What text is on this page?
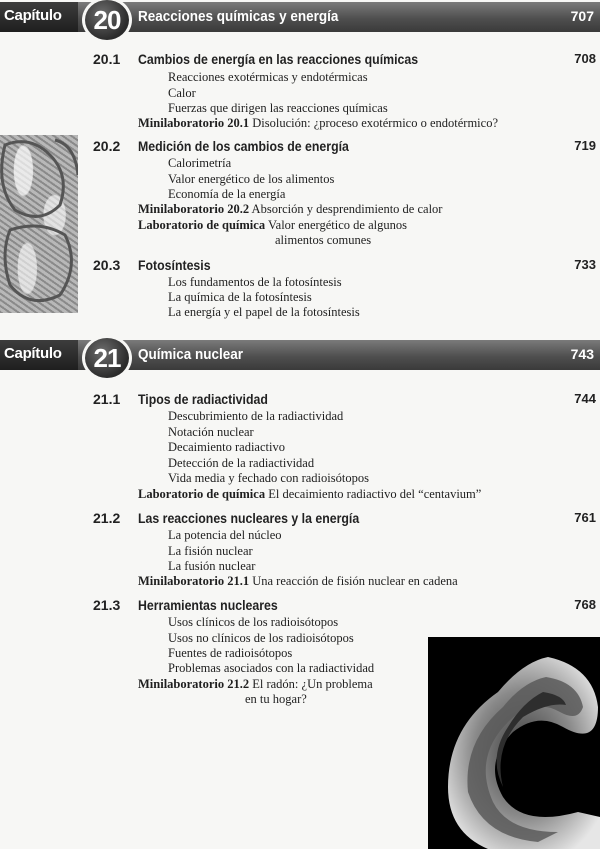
Capítulo	20	Reacciones químicas y energía	707
20.1 Cambios de energía en las reacciones químicas	708
Reacciones exotérmicas y endotérmicas
Calor
Fuerzas que dirigen las reacciones químicas
Minilaboratorio 20.1 Disolución: ¿proceso exotérmico o endotérmico?
20.2 Medición de los cambios de energía	719
Calorimetría
Valor energético de los alimentos
Economía de la energía
Minilaboratorio 20.2 Absorción y desprendimiento de calor
Laboratorio de química Valor energético de algunos
alimentos comunes
20.3 Fotosíntesis	733
Los fundamentos de la fotosíntesis
La química de la fotosíntesis
La energía y el papel de la fotosíntesis
Capítulo	21	Química nuclear	743
21.1 Tipos de radiactividad	744
Descubrimiento de la radiactividad
Notación nuclear
Decaimiento radiactivo
Detección de la radiactividad
Vida media y fechado con radioisótopos
Laboratorio de química El decaimiento radiactivo del “centavium”
21.2 Las reacciones nucleares y la energía	761
La potencia del núcleo
La fisión nuclear
La fusión nuclear
Minilaboratorio 21.1 Una reacción de fisión nuclear en cadena
21.3 Herramientas nucleares	768
Usos clínicos de los radioisótopos
Usos no clínicos de los radioisótopos
Fuentes de radioisótopos
Problemas asociados con la radiactividad
Minilaboratorio 21.2 El radón: ¿Un problema
en tu hogar?
